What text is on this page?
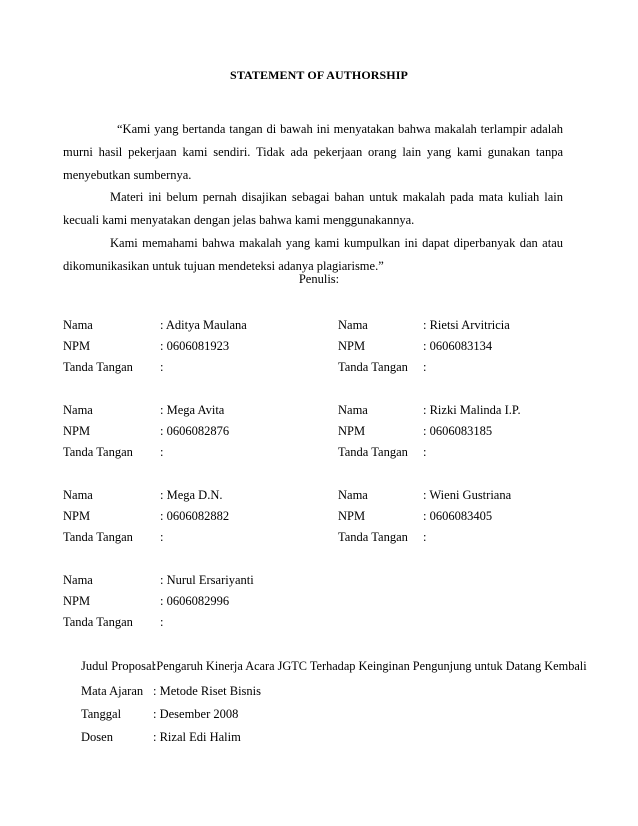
STATEMENT OF AUTHORSHIP
“Kami yang bertanda tangan di bawah ini menyatakan bahwa makalah terlampir adalah
murni hasil pekerjaan kami sendiri. Tidak ada pekerjaan orang lain yang kami gunakan tanpa
menyebutkan sumbernya.
Materi ini belum pernah disajikan sebagai bahan untuk makalah pada mata kuliah lain
kecuali kami menyatakan dengan jelas bahwa kami menggunakannya.
Kami memahami bahwa makalah yang kami kumpulkan ini dapat diperbanyak dan atau
dikomunikasikan untuk tujuan mendeteksi adanya plagiarisme.”
Penulis:
Nama	: Aditya Maulana
NPM	: 0606081923
Tanda Tangan :
Nama	: Rietsi Arvitricia
NPM	: 0606083134
Tanda Tangan :
Nama	: Mega Avita
NPM	: 0606082876
Tanda Tangan :
Nama	: Rizki Malinda I.P.
NPM	: 0606083185
Tanda Tangan :
Nama	: Mega D.N.
NPM	: 0606082882
Tanda Tangan :
Nama	: Wieni Gustriana
NPM	: 0606083405
Tanda Tangan :
Nama	: Nurul Ersariyanti
NPM	: 0606082996
Tanda Tangan :
Judul Proposal
:Pengaruh Kinerja Acara JGTC Terhadap Keinginan Pengunjung untuk Datang Kembali
Mata Ajaran : Metode Riset Bisnis
Tanggal	: Desember 2008
Dosen	: Rizal Edi Halim
